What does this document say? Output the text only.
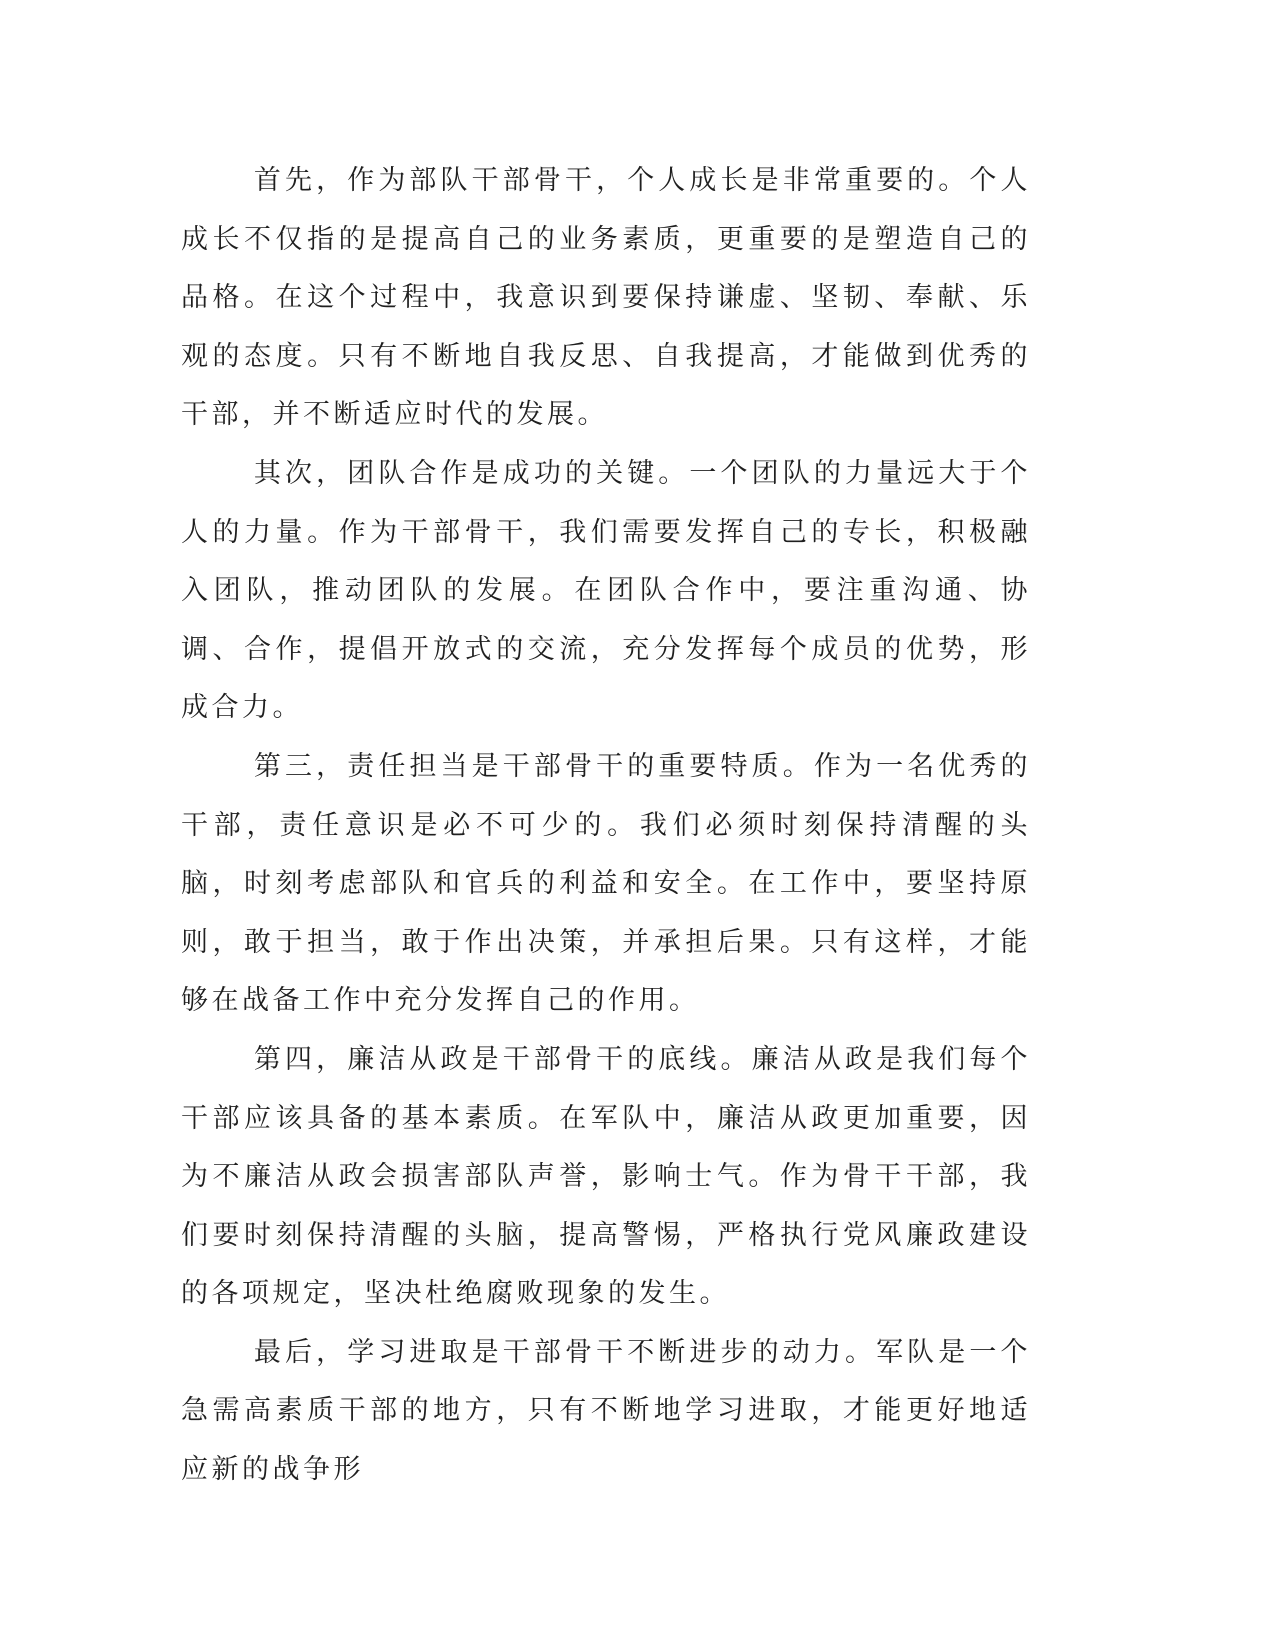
首先，作为部队干部骨干，个人成长是非常重要的。个人成长不仅指的是提高自己的业务素质，更重要的是塑造自己的品格。在这个过程中，我意识到要保持谦虚、坚韧、奉献、乐观的态度。只有不断地自我反思、自我提高，才能做到优秀的干部，并不断适应时代的发展。

其次，团队合作是成功的关键。一个团队的力量远大于个人的力量。作为干部骨干，我们需要发挥自己的专长，积极融入团队，推动团队的发展。在团队合作中，要注重沟通、协调、合作，提倡开放式的交流，充分发挥每个成员的优势，形成合力。

第三，责任担当是干部骨干的重要特质。作为一名优秀的干部，责任意识是必不可少的。我们必须时刻保持清醒的头脑，时刻考虑部队和官兵的利益和安全。在工作中，要坚持原则，敢于担当，敢于作出决策，并承担后果。只有这样，才能够在战备工作中充分发挥自己的作用。

第四，廉洁从政是干部骨干的底线。廉洁从政是我们每个干部应该具备的基本素质。在军队中，廉洁从政更加重要，因为不廉洁从政会损害部队声誉，影响士气。作为骨干干部，我们要时刻保持清醒的头脑，提高警惕，严格执行党风廉政建设的各项规定，坚决杜绝腐败现象的发生。

最后，学习进取是干部骨干不断进步的动力。军队是一个急需高素质干部的地方，只有不断地学习进取，才能更好地适应新的战争形
